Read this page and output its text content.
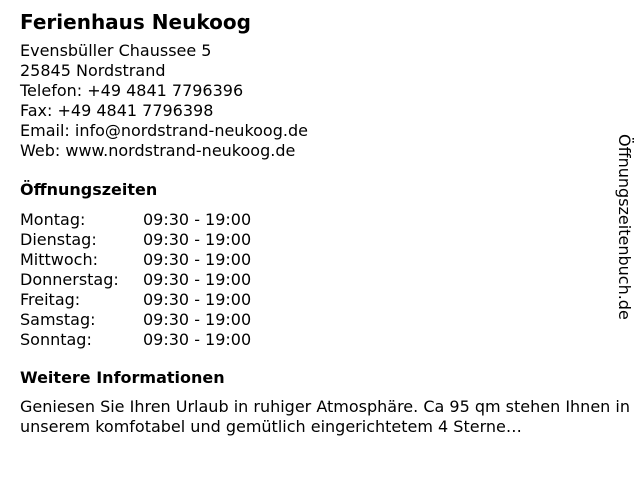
Ferienhaus Neukoog
Evensbüller Chaussee 5
25845 Nordstrand
Telefon: +49 4841 7796396
Fax: +49 4841 7796398
Email: info@nordstrand-neukoog.de
Web: www.nordstrand-neukoog.de
Öffnungszeiten
Montag:	09:30 - 19:00
Dienstag:	09:30 - 19:00
Mittwoch:	09:30 - 19:00
Donnerstag:	09:30 - 19:00
Freitag:	09:30 - 19:00
Samstag:	09:30 - 19:00
Sonntag:	09:30 - 19:00
Weitere Informationen
Geniesen Sie Ihren Urlaub in ruhiger Atmosphäre. Ca 95 qm stehen Ihnen in unserem komfotabel und gemütlich eingerichtetem 4 Sterne…
Öffnungszeitenbuch.de
